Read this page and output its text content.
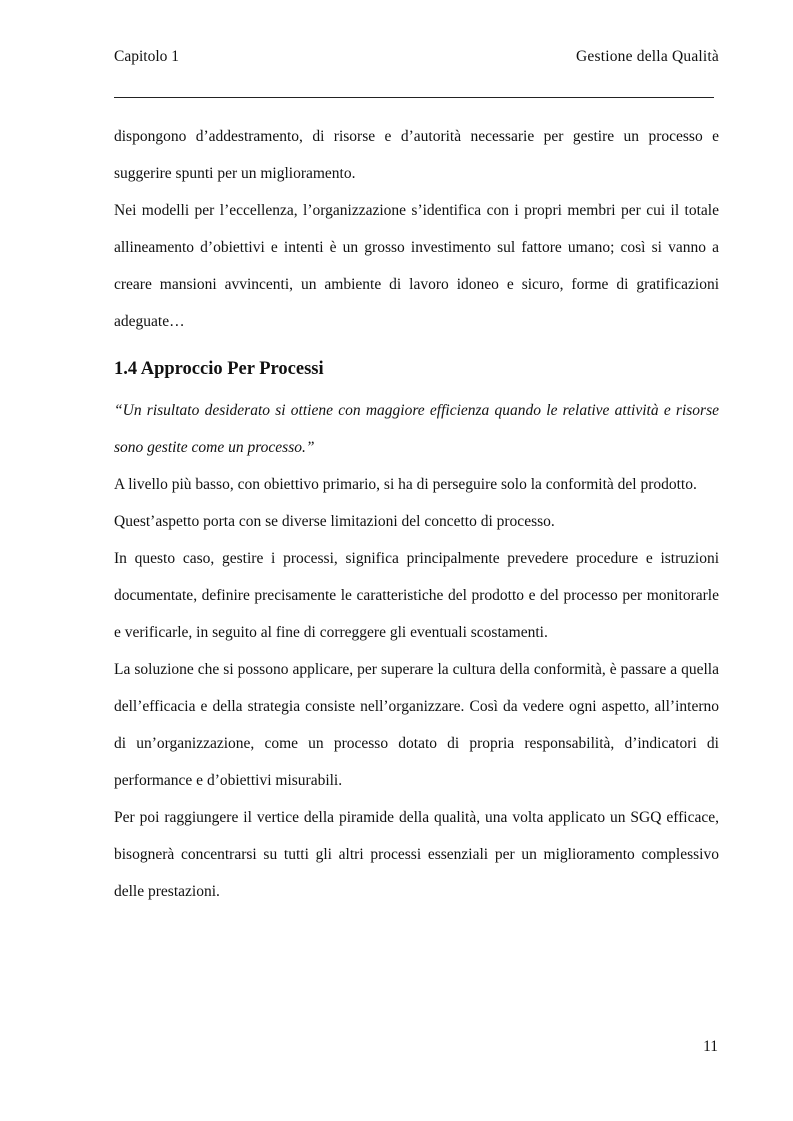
Capitolo 1	Gestione della Qualità

dispongono d’addestramento, di risorse e d’autorità necessarie per gestire un processo e suggerire spunti per un miglioramento.

Nei modelli per l’eccellenza, l’organizzazione s’identifica con i propri membri per cui il totale allineamento d’obiettivi e intenti è un grosso investimento sul fattore umano; così si vanno a creare mansioni avvincenti, un ambiente di lavoro idoneo e sicuro, forme di gratificazioni adeguate…

1.4 Approccio Per Processi

“Un risultato desiderato si ottiene con maggiore efficienza quando le relative attività e risorse sono gestite come un processo.”

A livello più basso, con obiettivo primario, si ha di perseguire solo la conformità del prodotto.

Quest’aspetto porta con se diverse limitazioni del concetto di processo.

In questo caso, gestire i processi, significa principalmente prevedere procedure e istruzioni documentate, definire precisamente le caratteristiche del prodotto e del processo per monitorarle e verificarle, in seguito al fine di correggere gli eventuali scostamenti.

La soluzione che si possono applicare, per superare la cultura della conformità, è passare a quella dell’efficacia e della strategia consiste nell’organizzare. Così da vedere ogni aspetto, all’interno di un’organizzazione, come un processo dotato di propria responsabilità, d’indicatori di performance e d’obiettivi misurabili.

Per poi raggiungere il vertice della piramide della qualità, una volta applicato un SGQ efficace, bisognerà concentrarsi su tutti gli altri processi essenziali per un miglioramento complessivo delle prestazioni.

11
